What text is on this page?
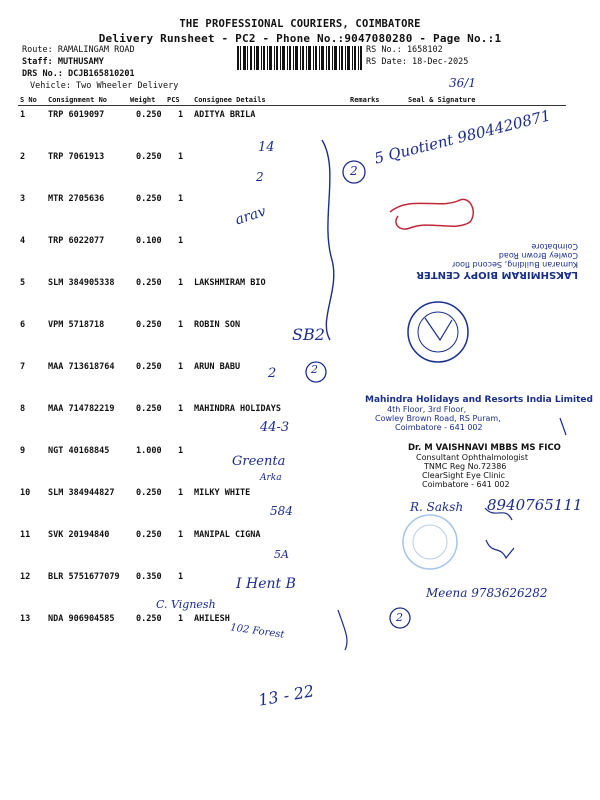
THE PROFESSIONAL COURIERS, COIMBATORE
Delivery Runsheet - PC2 - Phone No.:9047080280 - Page No.:1
Route: RAMALINGAM ROAD
Staff: MUTHUSAMY
DRS No.: DCJB165810201
Vehicle: Two Wheeler Delivery
RS No.: 1658102
RS Date: 18-Dec-2025
36/1
S No Consignment No	Weight PCS Consignee Details	Remarks	Seal & Signature
1	TRP 6019097	0.250 1 ADITYA BRILA
2	TRP 7061913	0.250 1
3	MTR 2705636	0.250 1
4	TRP 6022077	0.100 1
5	SLM 384905338	0.250 1 LAKSHMIRAM BIO
6	VPM 5718718	0.250 1 ROBIN SON
7	MAA 713618764	0.250 1 ARUN BABU
8	MAA 714782219	0.250 1 MAHINDRA HOLIDAYS
9	NGT 40168845	1.000 1
10 SLM 384944827	0.250 1 MILKY WHITE
11 SVK 20194840	0.250 1 MANIPAL CIGNA
12 BLR 5751677079 0.350 1
13 NDA 906904585	0.250 1 AHILESH
LAKSHMIRAM BIOPY CENTER
Kumaran Building, Second floor
Cowley Brown Road
Coimbatore
Mahindra Holidays and Resorts India Limited
4th Floor, 3rd Floor,
Cowley Brown Road, RS Puram,
Coimbatore - 641 002
Dr. M VAISHNAVI MBBS MS FICO
Consultant Ophthalmologist
TNMC Reg No.72386
ClearSight Eye Clinic
Coimbatore - 641 002
5 Quotient 9804420871
14
2	2
arav
SB2
2	2
44-3
Greenta
Arka
584	R. Saksh 8940765111
5A
I Hent B
C. Vignesh
Meena 9783626282
102 Forest
2
13 - 22
